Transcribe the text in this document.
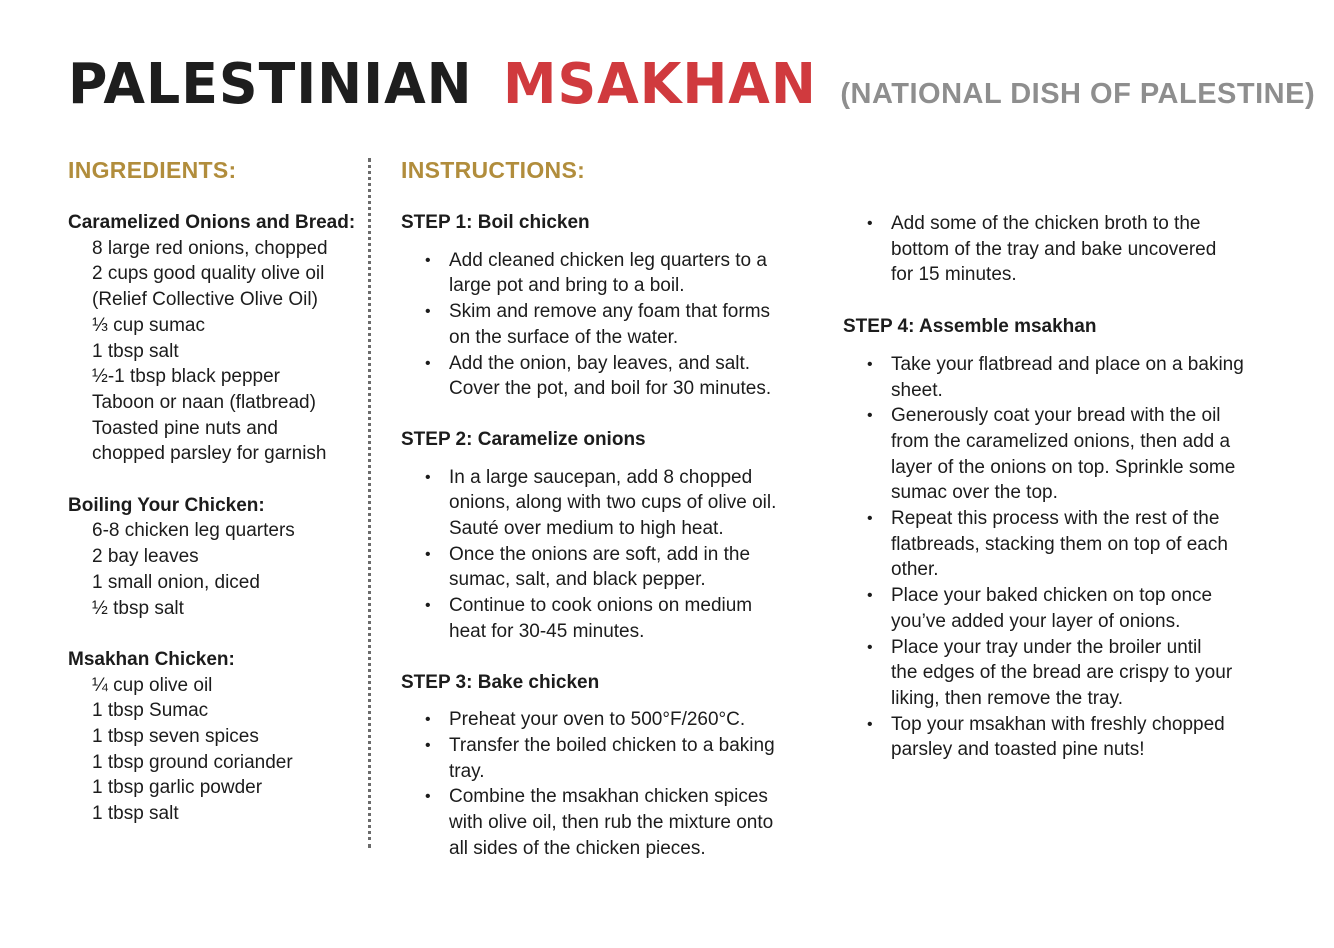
PALESTINIAN MSAKHAN (NATIONAL DISH OF PALESTINE)
INGREDIENTS:	INSTRUCTIONS:
Caramelized Onions and Bread:
8 large red onions, chopped
2 cups good quality olive oil
(Relief Collective Olive Oil)
⅓ cup sumac
1 tbsp salt
½-1 tbsp black pepper
Taboon or naan (flatbread)
Toasted pine nuts and
chopped parsley for garnish
Boiling Your Chicken:
6-8 chicken leg quarters
2 bay leaves
1 small onion, diced
½ tbsp salt
Msakhan Chicken:
¼ cup olive oil
1 tbsp Sumac
1 tbsp seven spices
1 tbsp ground coriander
1 tbsp garlic powder
1 tbsp salt
STEP 1: Boil chicken
• Add cleaned chicken leg quarters to a
large pot and bring to a boil.
• Skim and remove any foam that forms
on the surface of the water.
• Add the onion, bay leaves, and salt.
Cover the pot, and boil for 30 minutes.
STEP 2: Caramelize onions
• In a large saucepan, add 8 chopped
onions, along with two cups of olive oil.
Sauté over medium to high heat.
• Once the onions are soft, add in the
sumac, salt, and black pepper.
• Continue to cook onions on medium
heat for 30-45 minutes.
STEP 3: Bake chicken
• Preheat your oven to 500°F/260°C.
• Transfer the boiled chicken to a baking
tray.
• Combine the msakhan chicken spices
with olive oil, then rub the mixture onto
all sides of the chicken pieces.
• Add some of the chicken broth to the
bottom of the tray and bake uncovered
for 15 minutes.
STEP 4: Assemble msakhan
• Take your flatbread and place on a baking
sheet.
• Generously coat your bread with the oil
from the caramelized onions, then add a
layer of the onions on top. Sprinkle some
sumac over the top.
• Repeat this process with the rest of the
flatbreads, stacking them on top of each
other.
• Place your baked chicken on top once
you’ve added your layer of onions.
• Place your tray under the broiler until
the edges of the bread are crispy to your
liking, then remove the tray.
• Top your msakhan with freshly chopped
parsley and toasted pine nuts!
